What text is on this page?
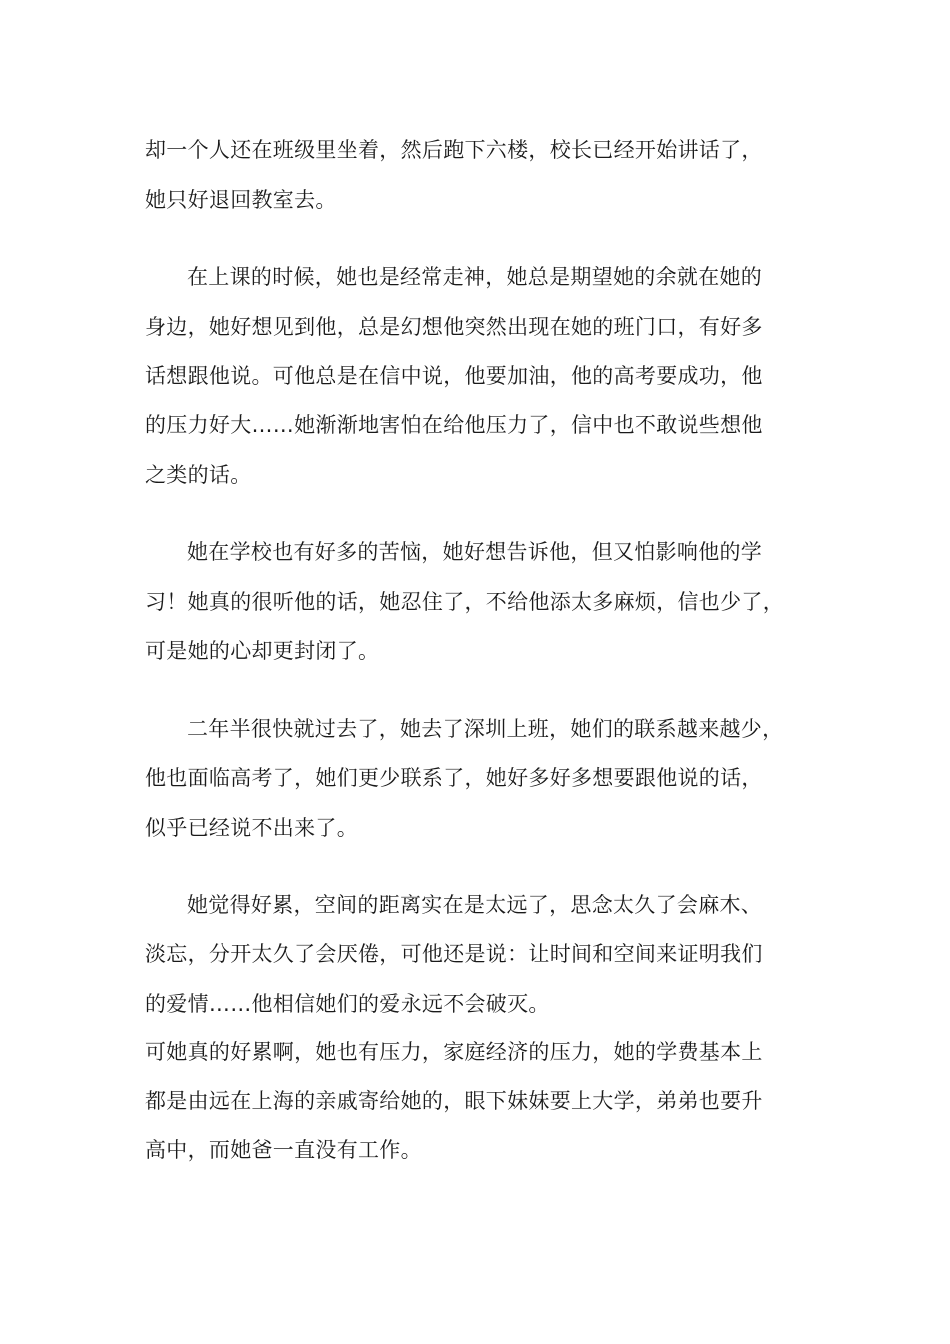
却一个人还在班级里坐着，然后跑下六楼，校长已经开始讲话了，

她只好退回教室去。

在上课的时候，她也是经常走神，她总是期望她的余就在她的

身边，她好想见到他，总是幻想他突然出现在她的班门口，有好多

话想跟他说。可他总是在信中说，他要加油，他的高考要成功，他

的压力好大……她渐渐地害怕在给他压力了，信中也不敢说些想他

之类的话。

她在学校也有好多的苦恼，她好想告诉他，但又怕影响他的学

习！她真的很听他的话，她忍住了，不给他添太多麻烦，信也少了，

可是她的心却更封闭了。

二年半很快就过去了，她去了深圳上班，她们的联系越来越少，

他也面临高考了，她们更少联系了，她好多好多想要跟他说的话，

似乎已经说不出来了。

她觉得好累，空间的距离实在是太远了，思念太久了会麻木、

淡忘，分开太久了会厌倦，可他还是说：让时间和空间来证明我们

的爱情……他相信她们的爱永远不会破灭。

可她真的好累啊，她也有压力，家庭经济的压力，她的学费基本上

都是由远在上海的亲戚寄给她的，眼下妹妹要上大学，弟弟也要升

高中，而她爸一直没有工作。
